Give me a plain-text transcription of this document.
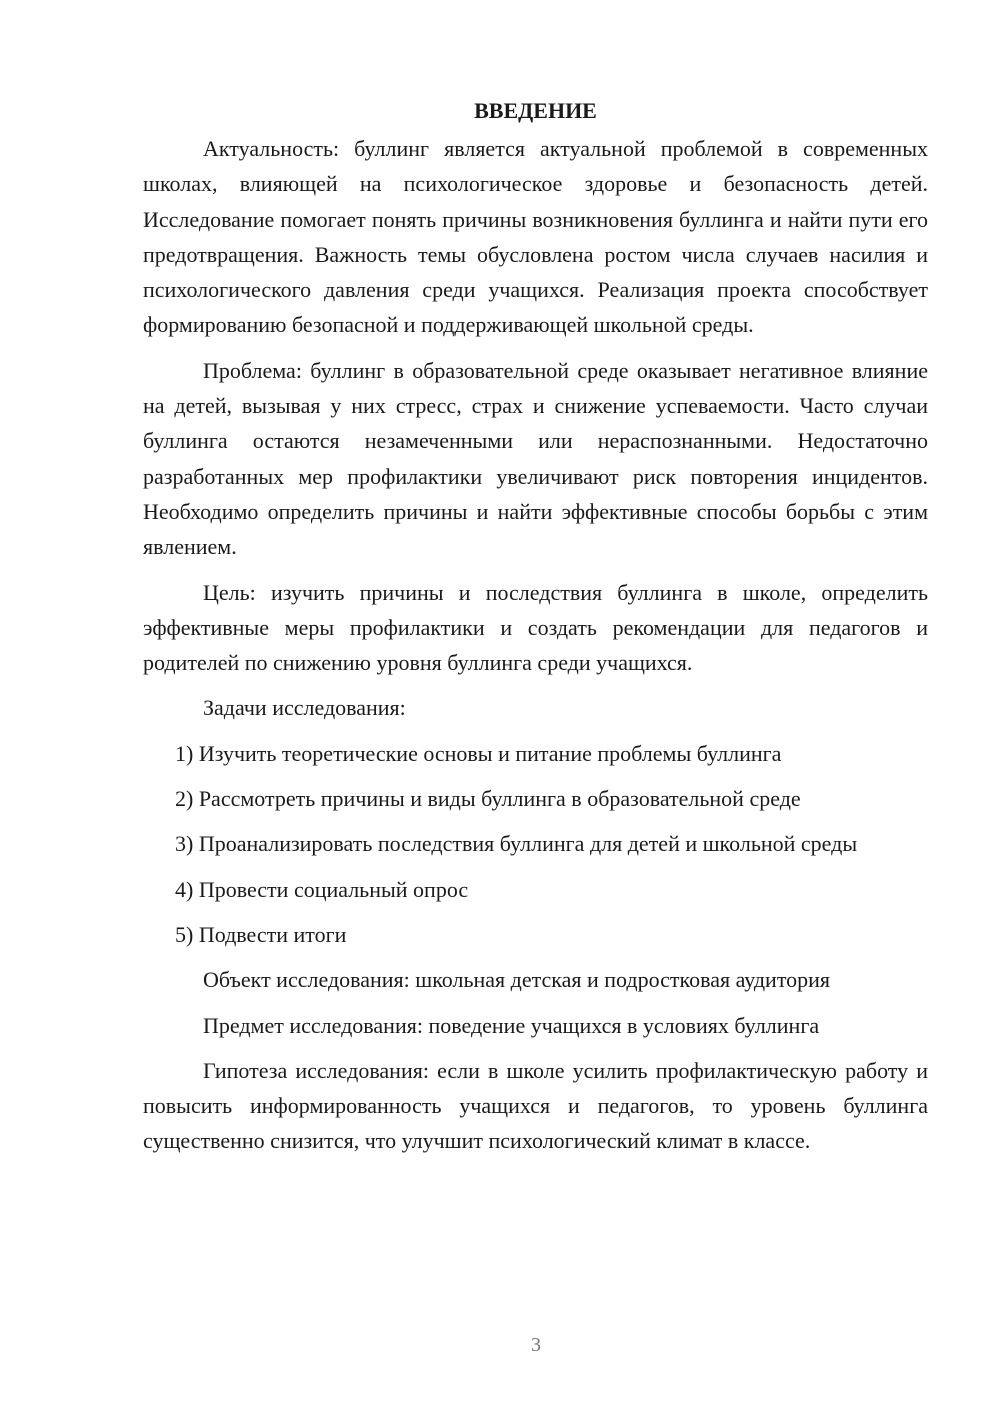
ВВЕДЕНИЕ

Актуальность: буллинг является актуальной проблемой в современных школах, влияющей на психологическое здоровье и безопасность детей. Исследование помогает понять причины возникновения буллинга и найти пути его предотвращения. Важность темы обусловлена ростом числа случаев насилия и психологического давления среди учащихся. Реализация проекта способствует формированию безопасной и поддерживающей школьной среды.

Проблема: буллинг в образовательной среде оказывает негативное влияние на детей, вызывая у них стресс, страх и снижение успеваемости. Часто случаи буллинга остаются незамеченными или нераспознанными. Недостаточно разработанных мер профилактики увеличивают риск повторения инцидентов. Необходимо определить причины и найти эффективные способы борьбы с этим явлением.

Цель: изучить причины и последствия буллинга в школе, определить эффективные меры профилактики и создать рекомендации для педагогов и родителей по снижению уровня буллинга среди учащихся.

Задачи исследования:

1) Изучить теоретические основы и питание проблемы буллинга
2) Рассмотреть причины и виды буллинга в образовательной среде
3) Проанализировать последствия буллинга для детей и школьной среды
4) Провести социальный опрос
5) Подвести итоги

Объект исследования: школьная детская и подростковая аудитория

Предмет исследования: поведение учащихся в условиях буллинга

Гипотеза исследования: если в школе усилить профилактическую работу и повысить информированность учащихся и педагогов, то уровень буллинга существенно снизится, что улучшит психологический климат в классе.

3
